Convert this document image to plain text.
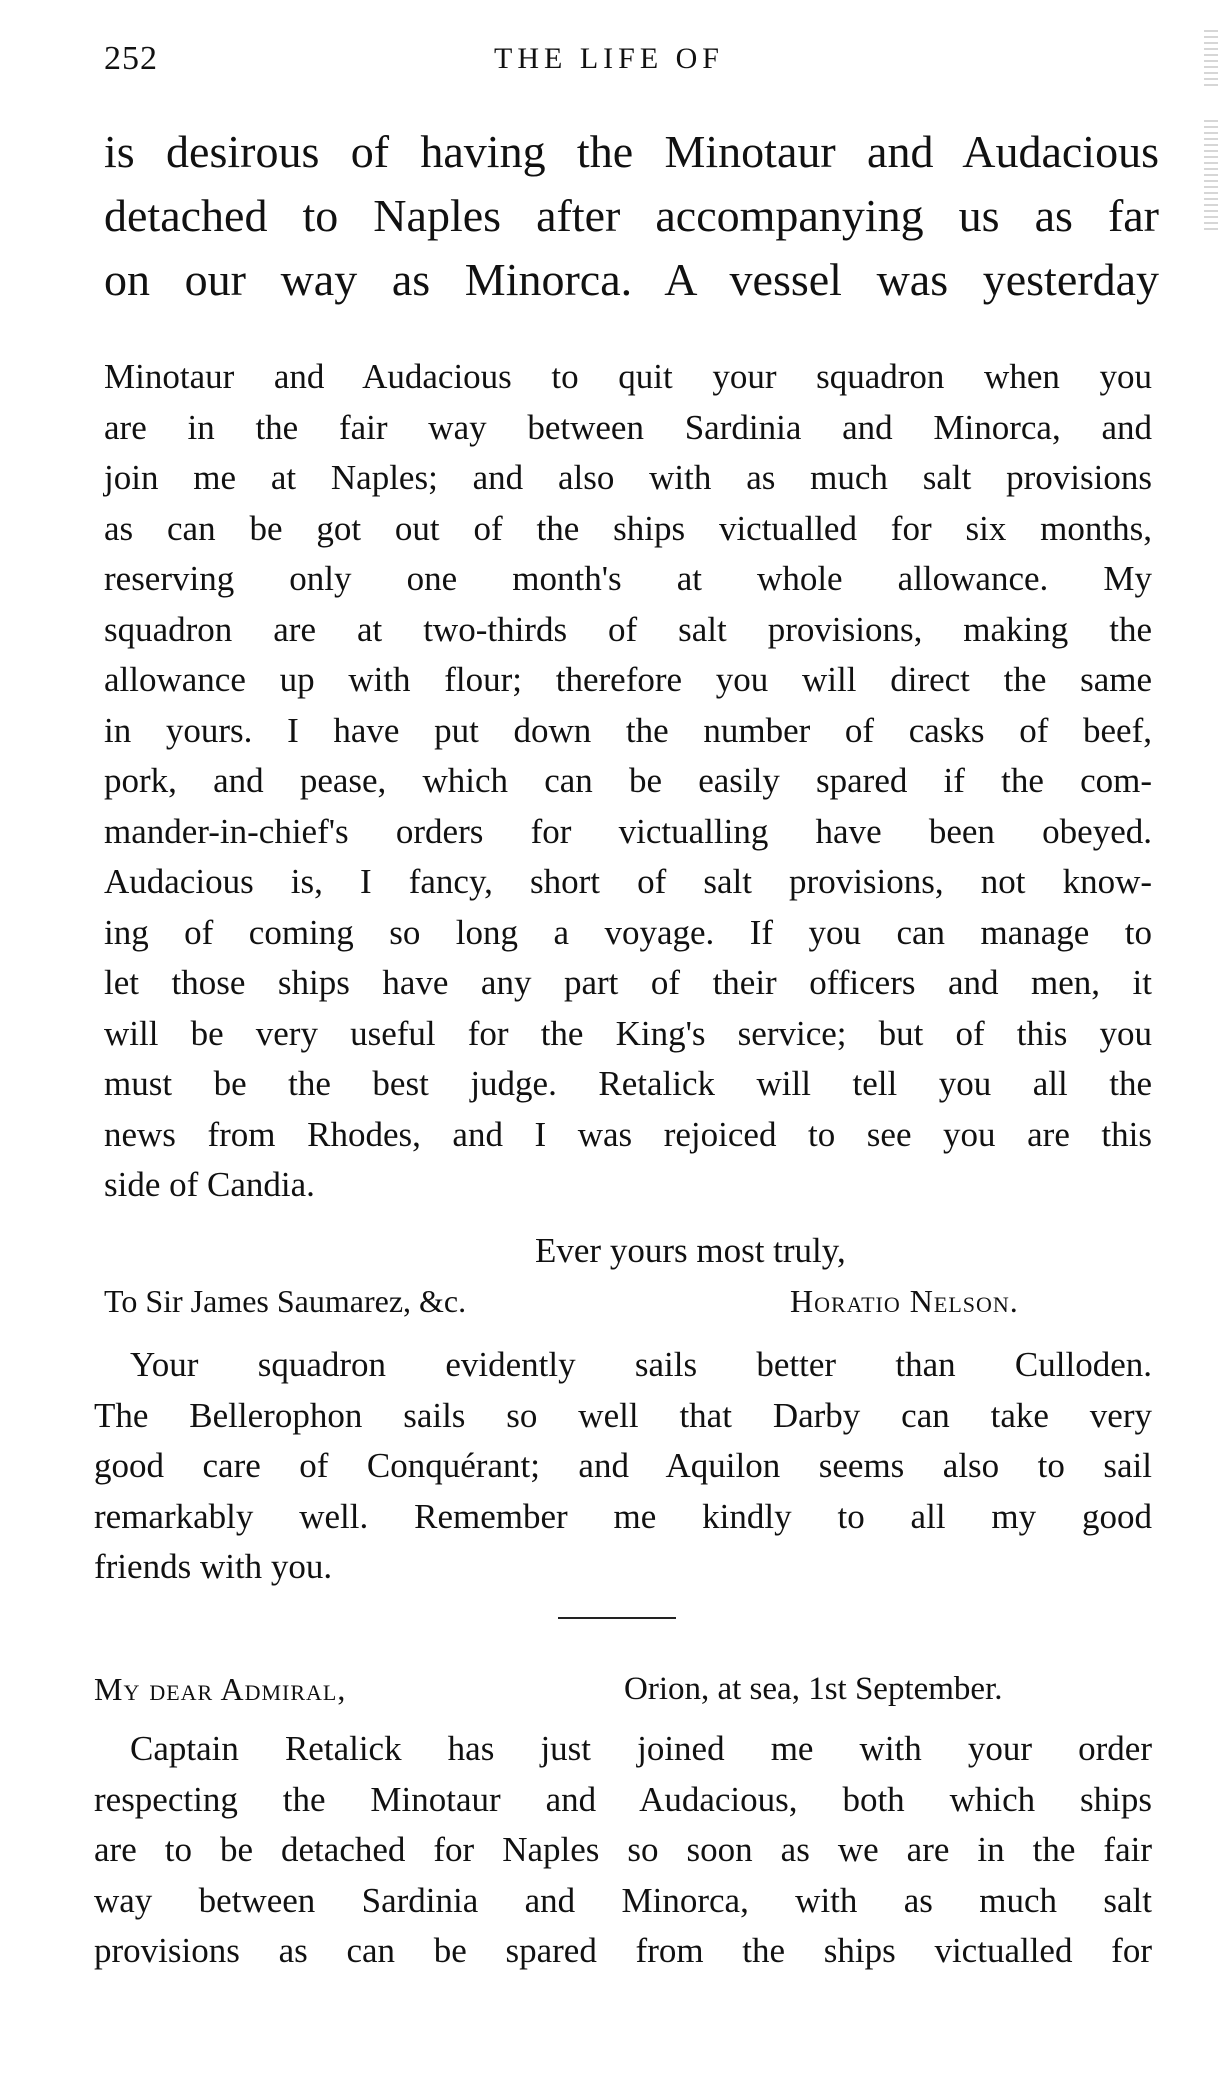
252	THE LIFE OF
is desirous of having the Minotaur and Audacious
detached to Naples after accompanying us as far
on our way as Minorca. A vessel was yesterday
Minotaur and Audacious to quit your squadron when you
are in the fair way between Sardinia and Minorca, and
join me at Naples; and also with as much salt provisions
as can be got out of the ships victualled for six months,
reserving only one month's at whole allowance. My
squadron are at two-thirds of salt provisions, making the
allowance up with flour; therefore you will direct the same
in yours. I have put down the number of casks of beef,
pork, and pease, which can be easily spared if the com-
mander-in-chief's orders for victualling have been obeyed.
Audacious is, I fancy, short of salt provisions, not know-
ing of coming so long a voyage. If you can manage to
let those ships have any part of their officers and men, it
will be very useful for the King's service; but of this you
must be the best judge. Retalick will tell you all the
news from Rhodes, and I was rejoiced to see you are this
side of Candia.
Ever yours most truly,
To Sir James Saumarez, &c.	Horatio Nelson.
Your squadron evidently sails better than Culloden.
The Bellerophon sails so well that Darby can take very
good care of Conquérant; and Aquilon seems also to sail
remarkably well. Remember me kindly to all my good
friends with you.
My dear Admiral,	Orion, at sea, 1st September.
Captain Retalick has just joined me with your order
respecting the Minotaur and Audacious, both which ships
are to be detached for Naples so soon as we are in the fair
way between Sardinia and Minorca, with as much salt
provisions as can be spared from the ships victualled for
